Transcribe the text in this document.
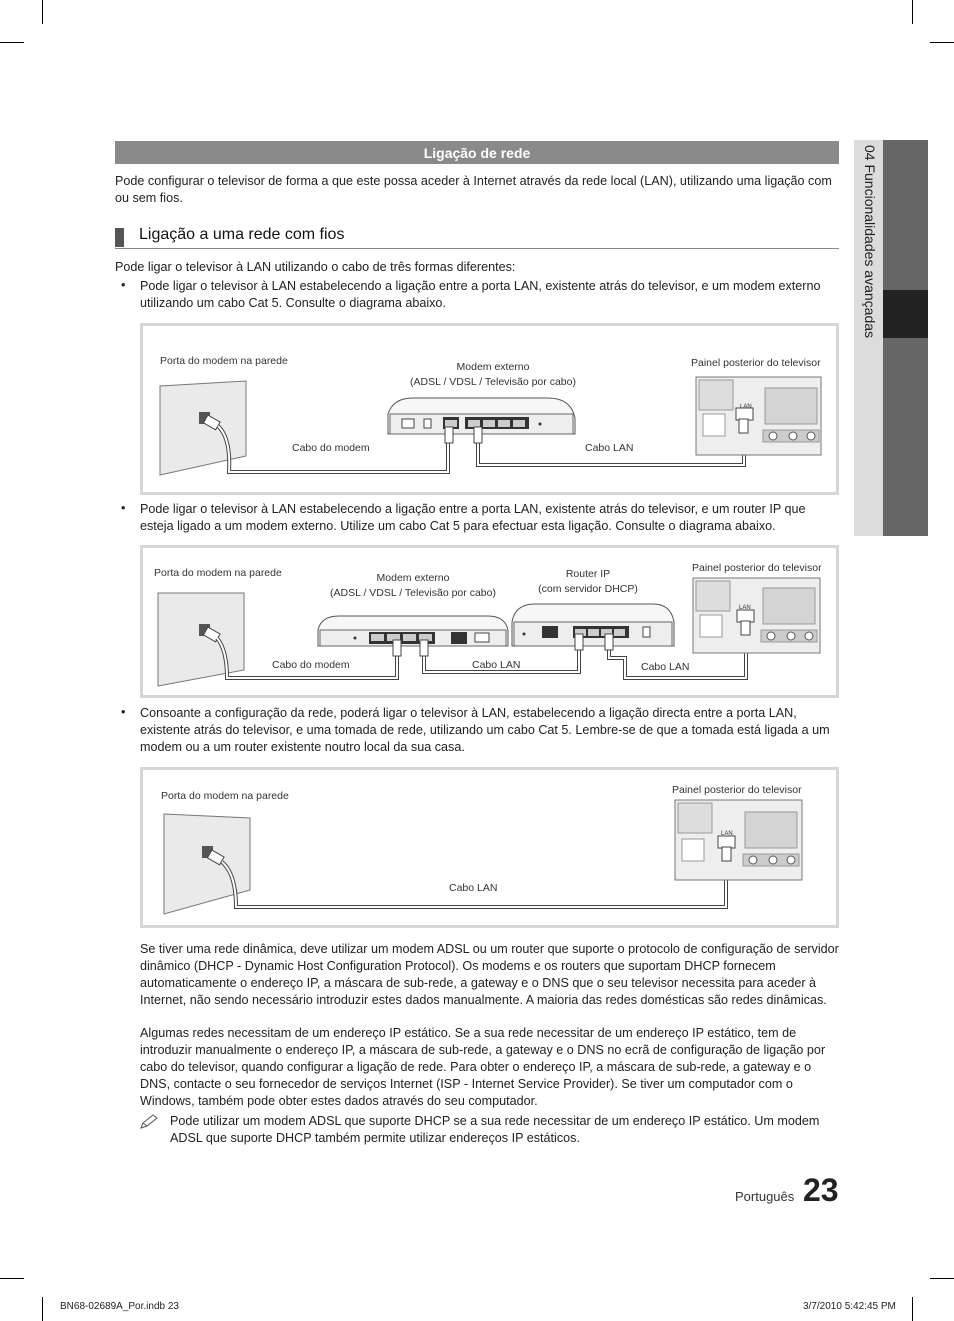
04 Funcionalidades avançadas
Ligação de rede
Pode configurar o televisor de forma a que este possa aceder à Internet através da rede local (LAN), utilizando uma ligação com ou sem fios.
Ligação a uma rede com fios
Pode ligar o televisor à LAN utilizando o cabo de três formas diferentes:
• Pode ligar o televisor à LAN estabelecendo a ligação entre a porta LAN, existente atrás do televisor, e um modem externo utilizando um cabo Cat 5. Consulte o diagrama abaixo.
Porta do modem na parede	Modem externo
(ADSL / VDSL / Televisão por cabo)
Painel posterior do televisor
Cabo do modem	Cabo LAN
LAN
• Pode ligar o televisor à LAN estabelecendo a ligação entre a porta LAN, existente atrás do televisor, e um router IP que esteja ligado a um modem externo. Utilize um cabo Cat 5 para efectuar esta ligação. Consulte o diagrama abaixo.
Porta do modem na parede	Modem externo
(ADSL / VDSL / Televisão por cabo)
Router IP
(com servidor DHCP)
Painel posterior do televisor
Cabo do modem	Cabo LAN	Cabo LAN
LAN
• Consoante a configuração da rede, poderá ligar o televisor à LAN, estabelecendo a ligação directa entre a porta LAN, existente atrás do televisor, e uma tomada de rede, utilizando um cabo Cat 5. Lembre-se de que a tomada está ligada a um modem ou a um router existente noutro local da sua casa.
Porta do modem na parede	Painel posterior do televisor
Cabo LAN
LAN
Se tiver uma rede dinâmica, deve utilizar um modem ADSL ou um router que suporte o protocolo de configuração de servidor dinâmico (DHCP - Dynamic Host Configuration Protocol). Os modems e os routers que suportam DHCP fornecem automaticamente o endereço IP, a máscara de sub-rede, a gateway e o DNS que o seu televisor necessita para aceder à Internet, não sendo necessário introduzir estes dados manualmente. A maioria das redes domésticas são redes dinâmicas.
Algumas redes necessitam de um endereço IP estático. Se a sua rede necessitar de um endereço IP estático, tem de introduzir manualmente o endereço IP, a máscara de sub-rede, a gateway e o DNS no ecrã de configuração de ligação por cabo do televisor, quando configurar a ligação de rede. Para obter o endereço IP, a máscara de sub-rede, a gateway e o DNS, contacte o seu fornecedor de serviços Internet (ISP - Internet Service Provider). Se tiver um computador com o Windows, também pode obter estes dados através do seu computador.
Pode utilizar um modem ADSL que suporte DHCP se a sua rede necessitar de um endereço IP estático. Um modem ADSL que suporte DHCP também permite utilizar endereços IP estáticos.
Português 23
BN68-02689A_Por.indb 23	3/7/2010 5:42:45 PM
